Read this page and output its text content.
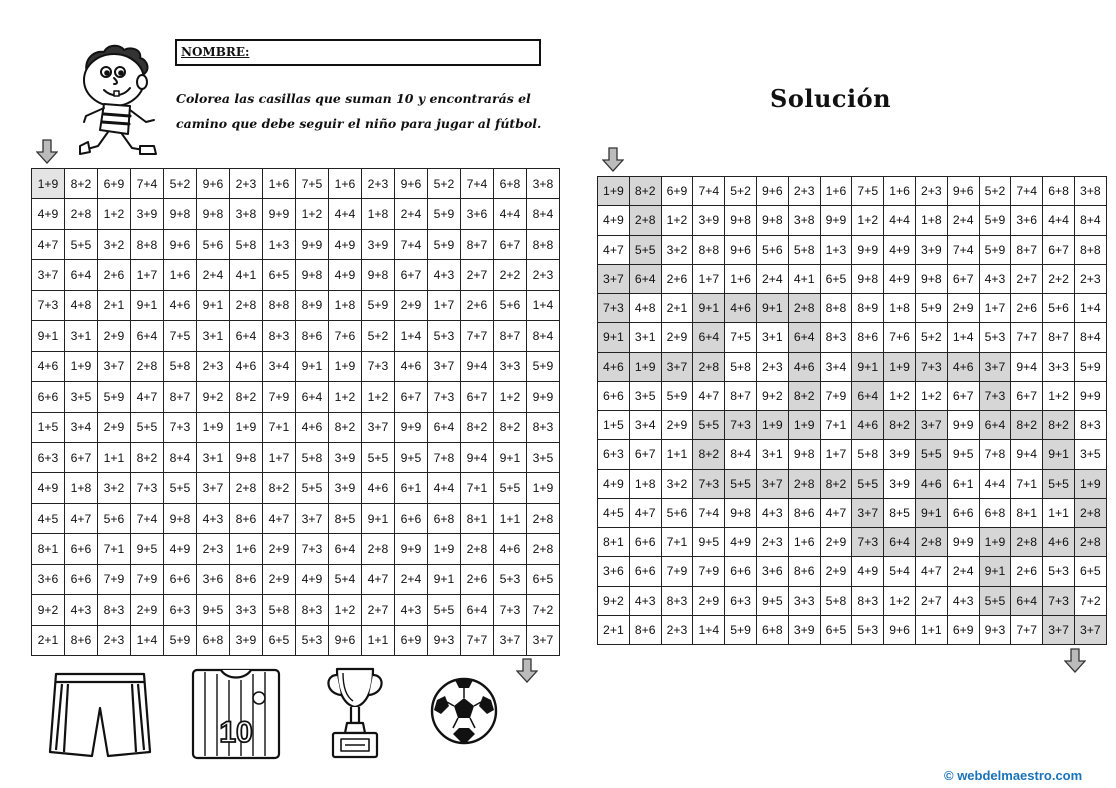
NOMBRE:
Colorea las casillas que suman 10 y encontrarás el
camino que debe seguir el niño para jugar al fútbol.
Solución
1+9	8+2	6+9	7+4	5+2	9+6	2+3	1+6	7+5	1+6	2+3	9+6	5+2	7+4	6+8	3+8
4+9	2+8	1+2	3+9	9+8	9+8	3+8	9+9	1+2	4+4	1+8	2+4	5+9	3+6	4+4	8+4
4+7	5+5	3+2	8+8	9+6	5+6	5+8	1+3	9+9	4+9	3+9	7+4	5+9	8+7	6+7	8+8
3+7	6+4	2+6	1+7	1+6	2+4	4+1	6+5	9+8	4+9	9+8	6+7	4+3	2+7	2+2	2+3
7+3	4+8	2+1	9+1	4+6	9+1	2+8	8+8	8+9	1+8	5+9	2+9	1+7	2+6	5+6	1+4
9+1	3+1	2+9	6+4	7+5	3+1	6+4	8+3	8+6	7+6	5+2	1+4	5+3	7+7	8+7	8+4
4+6	1+9	3+7	2+8	5+8	2+3	4+6	3+4	9+1	1+9	7+3	4+6	3+7	9+4	3+3	5+9
6+6	3+5	5+9	4+7	8+7	9+2	8+2	7+9	6+4	1+2	1+2	6+7	7+3	6+7	1+2	9+9
1+5	3+4	2+9	5+5	7+3	1+9	1+9	7+1	4+6	8+2	3+7	9+9	6+4	8+2	8+2	8+3
6+3	6+7	1+1	8+2	8+4	3+1	9+8	1+7	5+8	3+9	5+5	9+5	7+8	9+4	9+1	3+5
4+9	1+8	3+2	7+3	5+5	3+7	2+8	8+2	5+5	3+9	4+6	6+1	4+4	7+1	5+5	1+9
4+5	4+7	5+6	7+4	9+8	4+3	8+6	4+7	3+7	8+5	9+1	6+6	6+8	8+1	1+1	2+8
8+1	6+6	7+1	9+5	4+9	2+3	1+6	2+9	7+3	6+4	2+8	9+9	1+9	2+8	4+6	2+8
3+6	6+6	7+9	7+9	6+6	3+6	8+6	2+9	4+9	5+4	4+7	2+4	9+1	2+6	5+3	6+5
9+2	4+3	8+3	2+9	6+3	9+5	3+3	5+8	8+3	1+2	2+7	4+3	5+5	6+4	7+3	7+2
2+1	8+6	2+3	1+4	5+9	6+8	3+9	6+5	5+3	9+6	1+1	6+9	9+3	7+7	3+7	3+7
1+9	8+2	6+9	7+4	5+2	9+6	2+3	1+6	7+5	1+6	2+3	9+6	5+2	7+4	6+8	3+8
4+9	2+8	1+2	3+9	9+8	9+8	3+8	9+9	1+2	4+4	1+8	2+4	5+9	3+6	4+4	8+4
4+7	5+5	3+2	8+8	9+6	5+6	5+8	1+3	9+9	4+9	3+9	7+4	5+9	8+7	6+7	8+8
3+7	6+4	2+6	1+7	1+6	2+4	4+1	6+5	9+8	4+9	9+8	6+7	4+3	2+7	2+2	2+3
7+3	4+8	2+1	9+1	4+6	9+1	2+8	8+8	8+9	1+8	5+9	2+9	1+7	2+6	5+6	1+4
9+1	3+1	2+9	6+4	7+5	3+1	6+4	8+3	8+6	7+6	5+2	1+4	5+3	7+7	8+7	8+4
4+6	1+9	3+7	2+8	5+8	2+3	4+6	3+4	9+1	1+9	7+3	4+6	3+7	9+4	3+3	5+9
6+6	3+5	5+9	4+7	8+7	9+2	8+2	7+9	6+4	1+2	1+2	6+7	7+3	6+7	1+2	9+9
1+5	3+4	2+9	5+5	7+3	1+9	1+9	7+1	4+6	8+2	3+7	9+9	6+4	8+2	8+2	8+3
6+3	6+7	1+1	8+2	8+4	3+1	9+8	1+7	5+8	3+9	5+5	9+5	7+8	9+4	9+1	3+5
4+9	1+8	3+2	7+3	5+5	3+7	2+8	8+2	5+5	3+9	4+6	6+1	4+4	7+1	5+5	1+9
4+5	4+7	5+6	7+4	9+8	4+3	8+6	4+7	3+7	8+5	9+1	6+6	6+8	8+1	1+1	2+8
8+1	6+6	7+1	9+5	4+9	2+3	1+6	2+9	7+3	6+4	2+8	9+9	1+9	2+8	4+6	2+8
3+6	6+6	7+9	7+9	6+6	3+6	8+6	2+9	4+9	5+4	4+7	2+4	9+1	2+6	5+3	6+5
9+2	4+3	8+3	2+9	6+3	9+5	3+3	5+8	8+3	1+2	2+7	4+3	5+5	6+4	7+3	7+2
2+1	8+6	2+3	1+4	5+9	6+8	3+9	6+5	5+3	9+6	1+1	6+9	9+3	7+7	3+7	3+7
10
© webdelmaestro.com
